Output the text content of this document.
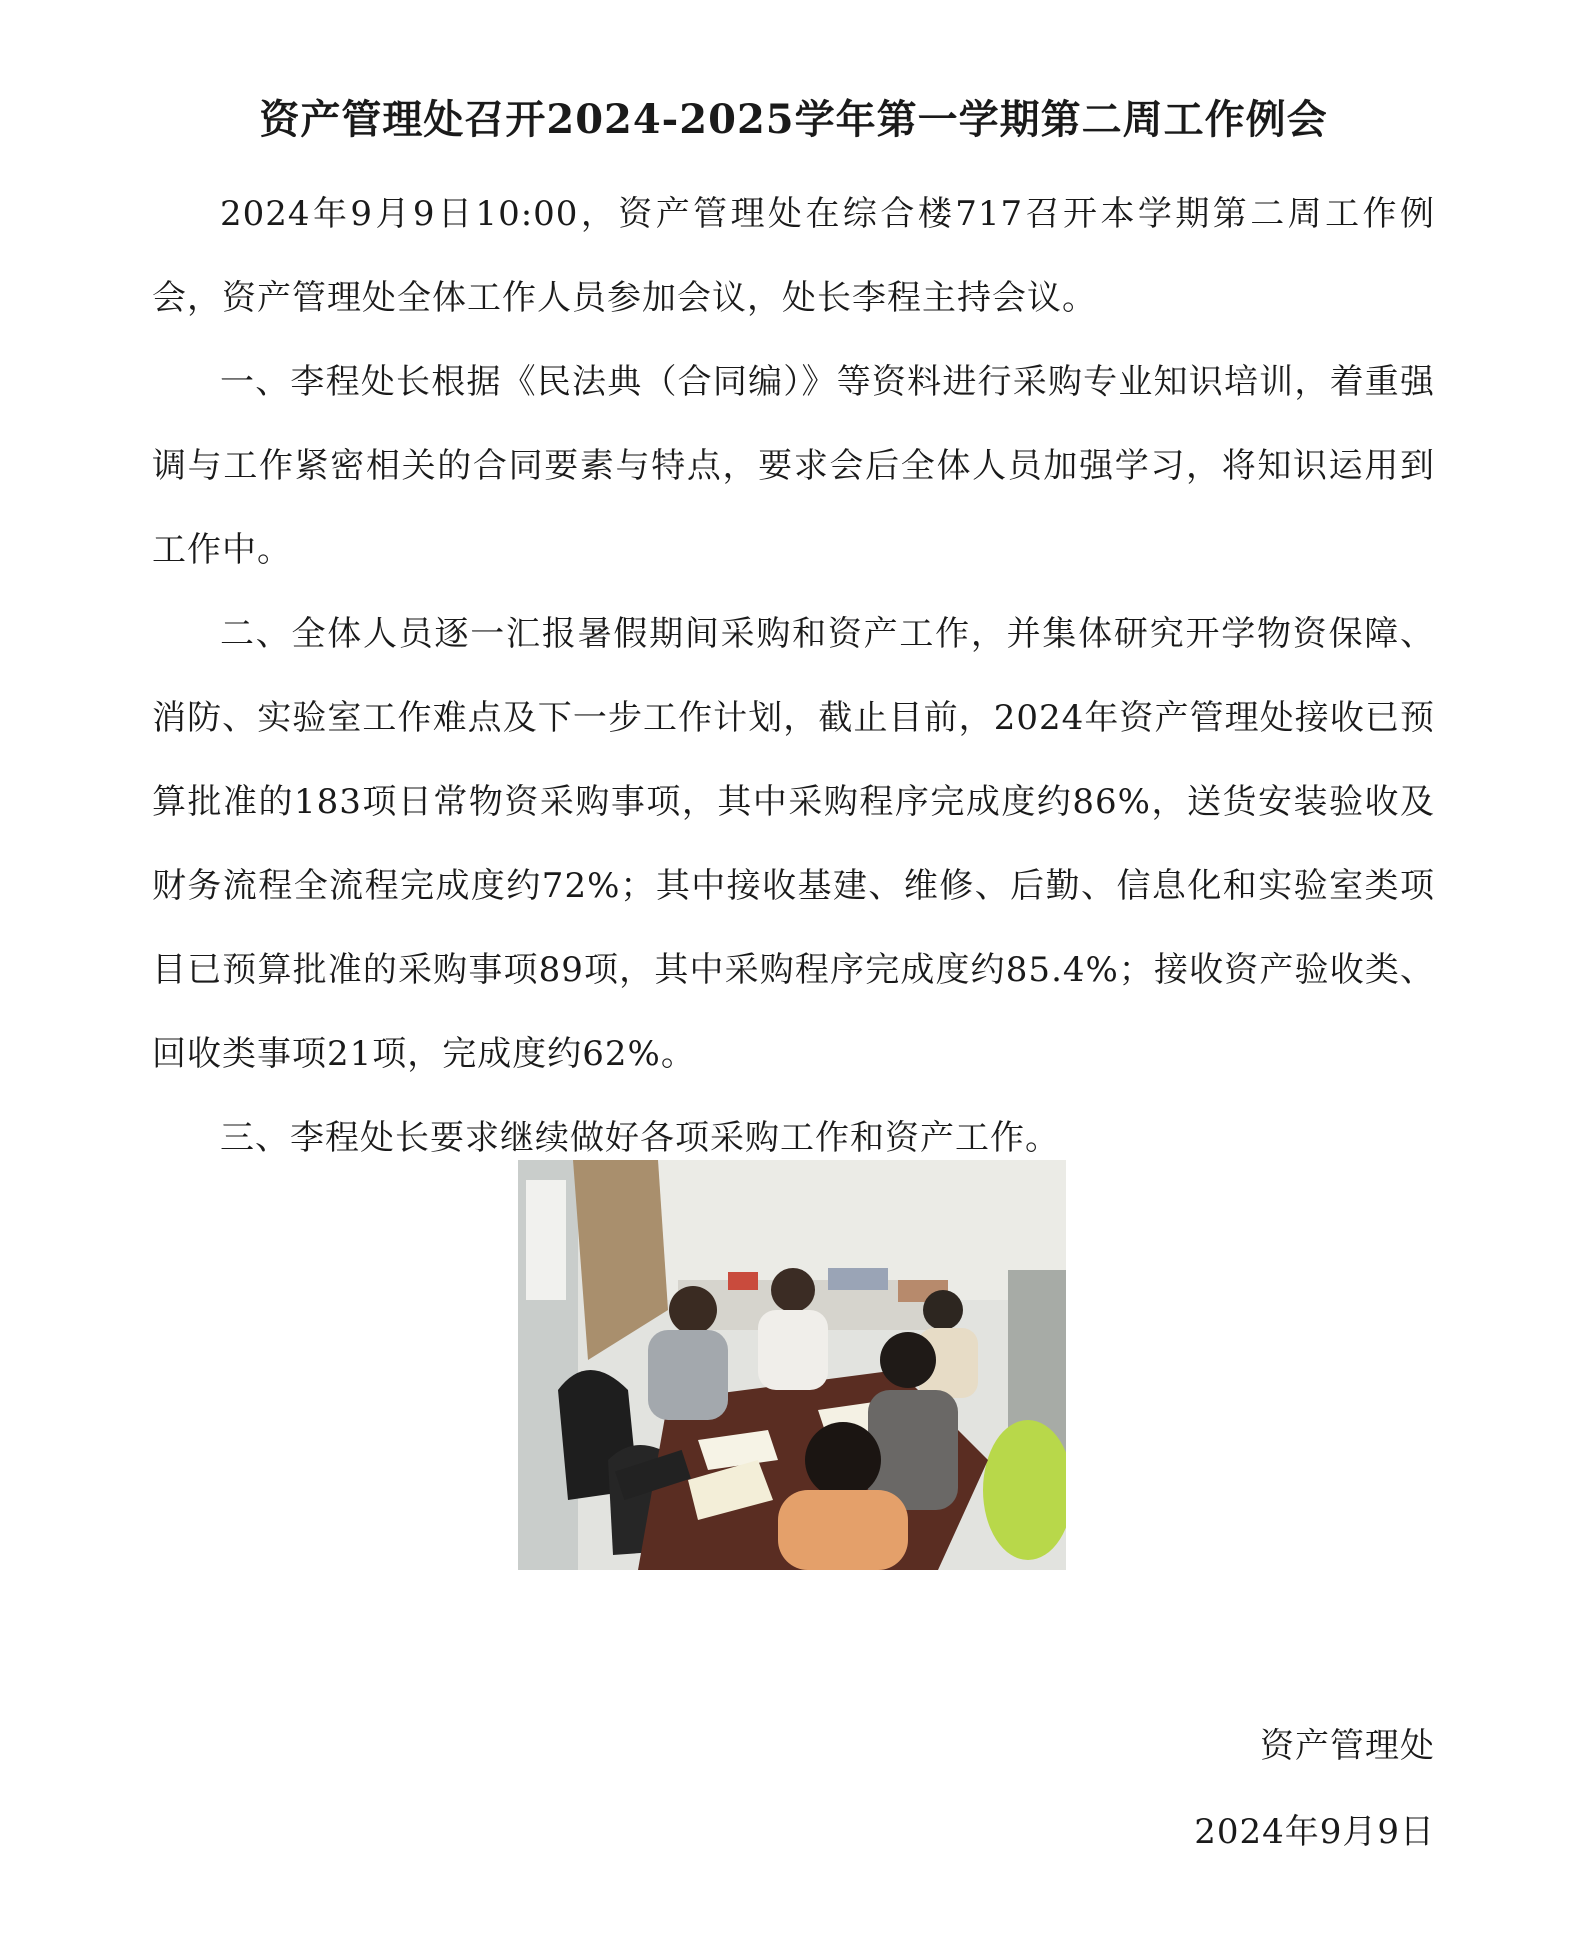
资产管理处召开2024-2025学年第一学期第二周工作例会

2024年9月9日10:00，资产管理处在综合楼717召开本学期第二周工作例会，资产管理处全体工作人员参加会议，处长李程主持会议。

一、李程处长根据《民法典（合同编）》等资料进行采购专业知识培训，着重强调与工作紧密相关的合同要素与特点，要求会后全体人员加强学习，将知识运用到工作中。

二、全体人员逐一汇报暑假期间采购和资产工作，并集体研究开学物资保障、消防、实验室工作难点及下一步工作计划，截止目前，2024年资产管理处接收已预算批准的183项日常物资采购事项，其中采购程序完成度约86%，送货安装验收及财务流程全流程完成度约72%；其中接收基建、维修、后勤、信息化和实验室类项目已预算批准的采购事项89项，其中采购程序完成度约85.4%；接收资产验收类、回收类事项21项，完成度约62%。

三、李程处长要求继续做好各项采购工作和资产工作。

资产管理处
2024年9月9日
